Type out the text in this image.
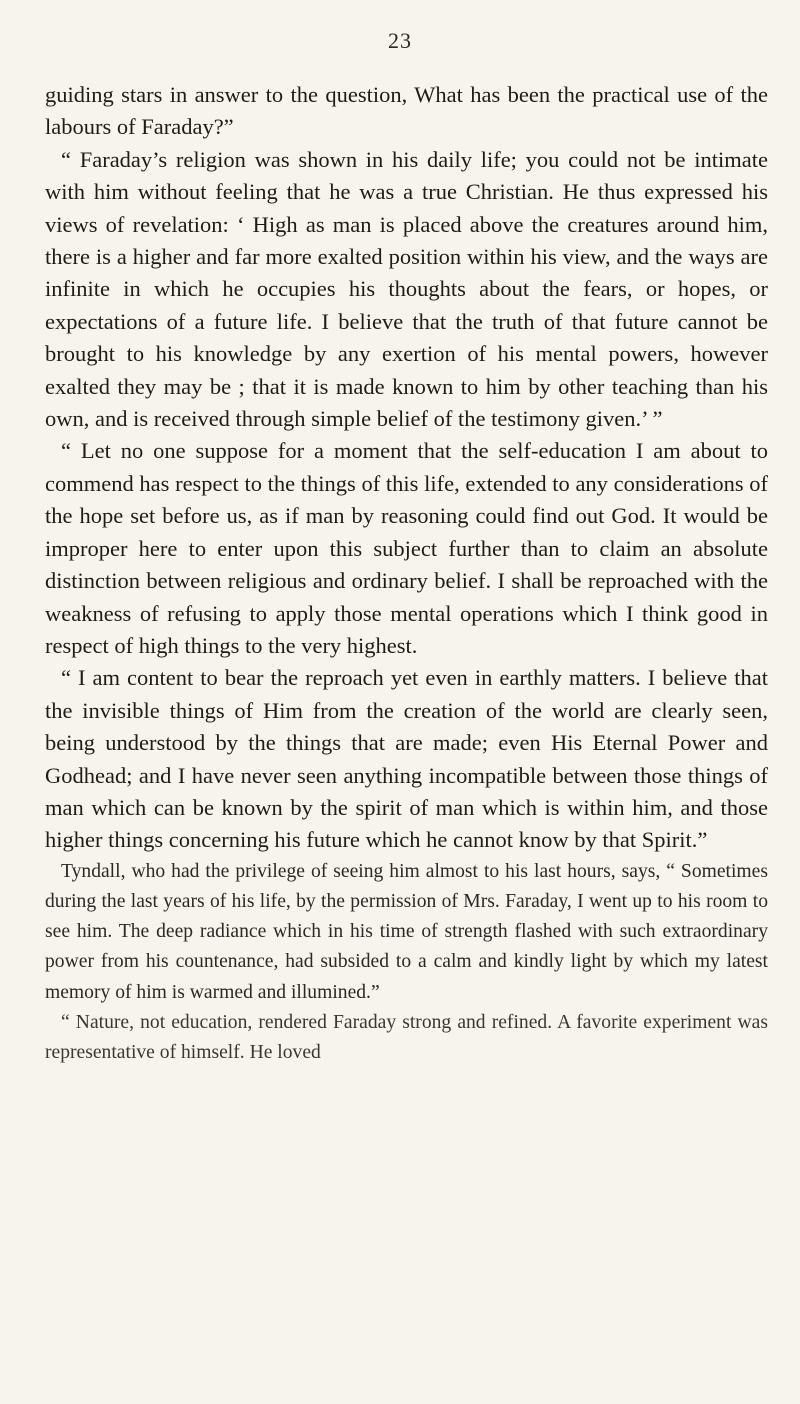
23

guiding stars in answer to the question, What has been the practical use of the labours of Faraday?”

“ Faraday’s religion was shown in his daily life; you could not be intimate with him without feeling that he was a true Christian. He thus expressed his views of revelation: ‘ High as man is placed above the creatures around him, there is a higher and far more exalted position within his view, and the ways are infinite in which he occupies his thoughts about the fears, or hopes, or expectations of a future life. I believe that the truth of that future cannot be brought to his knowledge by any exertion of his mental powers, however exalted they may be ; that it is made known to him by other teaching than his own, and is received through simple belief of the testimony given.’ ”

“ Let no one suppose for a moment that the self-education I am about to commend has respect to the things of this life, extended to any considerations of the hope set before us, as if man by reasoning could find out God. It would be improper here to enter upon this subject further than to claim an absolute distinction between religious and ordinary belief. I shall be reproached with the weakness of refusing to apply those mental operations which I think good in respect of high things to the very highest.

“ I am content to bear the reproach yet even in earthly matters. I believe that the invisible things of Him from the creation of the world are clearly seen, being understood by the things that are made; even His Eternal Power and Godhead; and I have never seen anything incompatible between those things of man which can be known by the spirit of man which is within him, and those higher things concerning his future which he cannot know by that Spirit.”

Tyndall, who had the privilege of seeing him almost to his last hours, says, “ Sometimes during the last years of his life, by the permission of Mrs. Faraday, I went up to his room to see him. The deep radiance which in his time of strength flashed with such extraordinary power from his countenance, had subsided to a calm and kindly light by which my latest memory of him is warmed and illumined.”

“ Nature, not education, rendered Faraday strong and refined. A favorite experiment was representative of himself. He loved
